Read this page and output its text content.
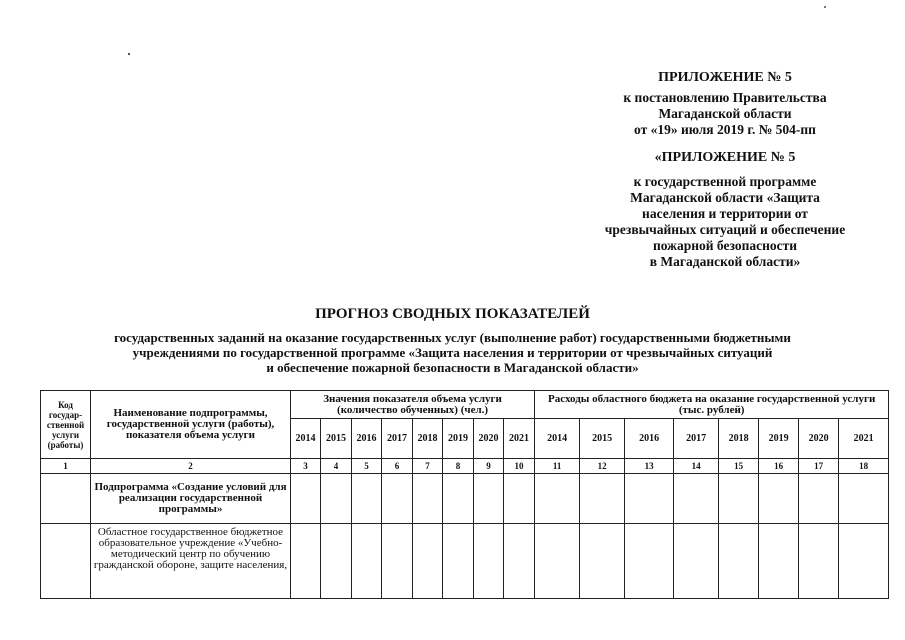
ПРИЛОЖЕНИЕ № 5
к постановлению Правительства
Магаданской области
от «19» июля 2019 г. № 504-пп
«ПРИЛОЖЕНИЕ № 5
к государственной программе
Магаданской области «Защита
населения и территории от
чрезвычайных ситуаций и обеспечение
пожарной безопасности
в Магаданской области»
ПРОГНОЗ СВОДНЫХ ПОКАЗАТЕЛЕЙ
государственных заданий на оказание государственных услуг (выполнение работ) государственными бюджетными
учреждениями по государственной программе «Защита населения и территории от чрезвычайных ситуаций
и обеспечение пожарной безопасности в Магаданской области»
Код государ-ственной услуги (работы)	Наименование подпрограммы, государственной услуги (работы), показателя объема услуги	Значения показателя объема услуги (количество обученных) (чел.)								Расходы областного бюджета на оказание государственной услуги (тыс. рублей)							
		2014	2015	2016	2017	2018	2019	2020	2021	2014	2015	2016	2017	2018	2019	2020	2021
1	2	3	4	5	6	7	8	9	10	11	12	13	14	15	16	17	18
	Подпрограмма «Создание условий для реализации государственной программы»																
	Областное государственное бюджетное образовательное учреждение «Учебно-методический центр по обучению гражданской обороне, защите населения,																
